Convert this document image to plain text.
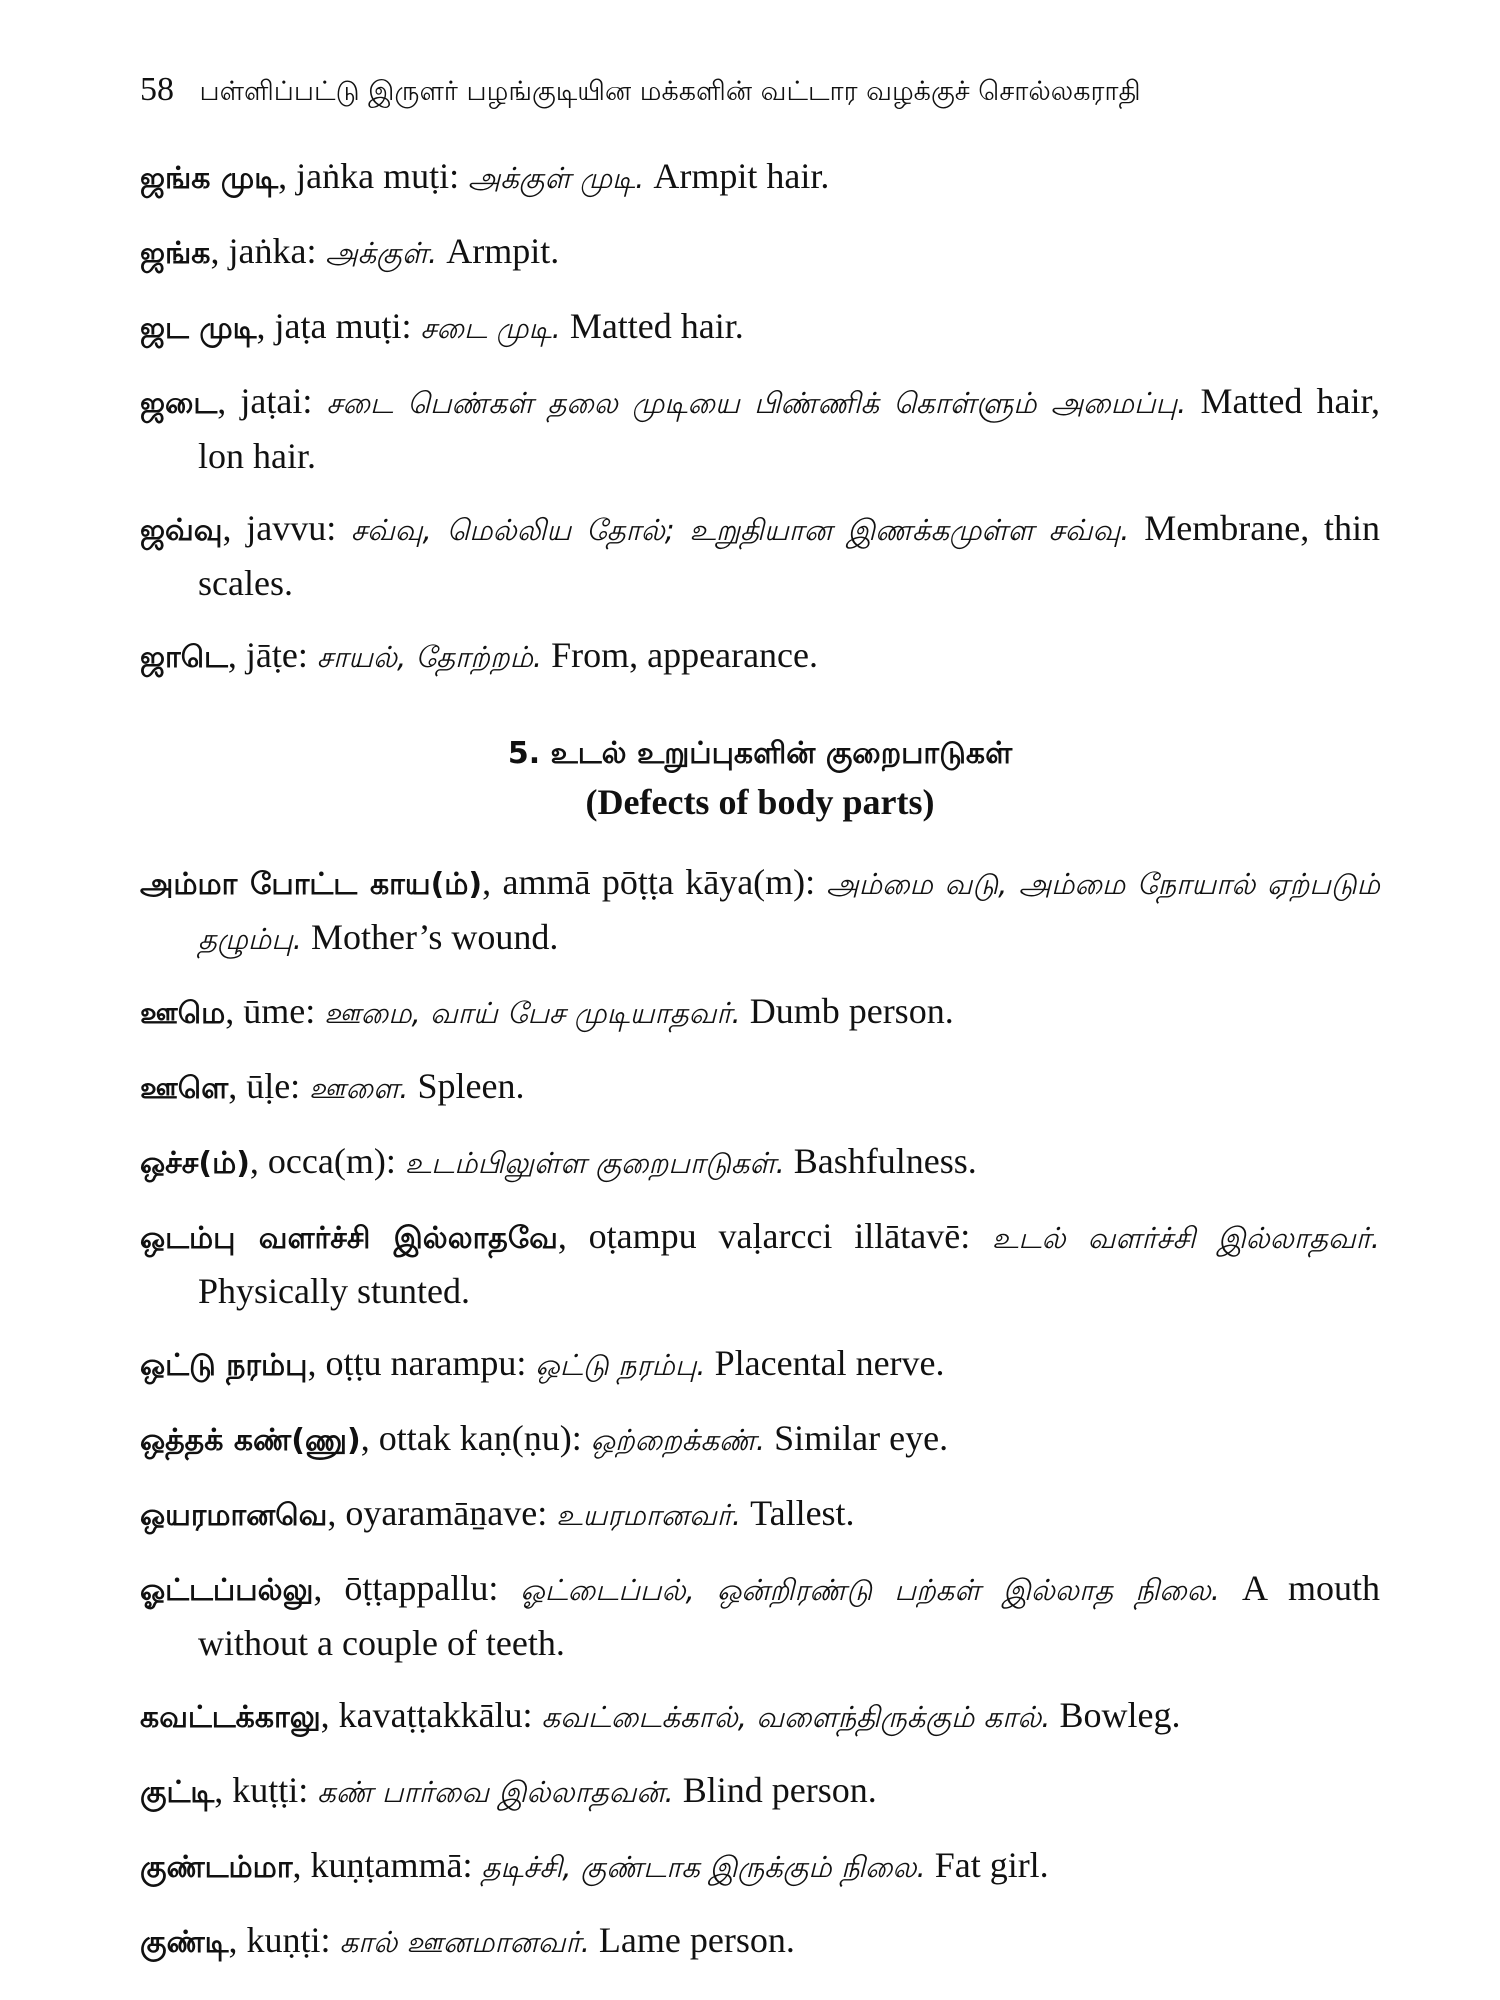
58 பள்ளிப்பட்டு இருளர் பழங்குடியின மக்களின் வட்டார வழக்குச் சொல்லகராதி

ஜங்க முடி, jaṅka muṭi: அக்குள் முடி. Armpit hair.

ஜங்க, jaṅka: அக்குள். Armpit.

ஜட முடி, jaṭa muṭi: சடை முடி. Matted hair.

ஜடை, jaṭai: சடை பெண்கள் தலை முடியை பிண்ணிக் கொள்ளும் அமைப்பு. Matted hair, lon hair.

ஜவ்வு, javvu: சவ்வு, மெல்லிய தோல்; உறுதியான இணக்கமுள்ள சவ்வு. Membrane, thin scales.

ஜாடெ, jāṭe: சாயல், தோற்றம். From, appearance.

5. உடல் உறுப்புகளின் குறைபாடுகள்
(Defects of body parts)

அம்மா போட்ட காய(ம்), ammā pōṭṭa kāya(m): அம்மை வடு, அம்மை நோயால் ஏற்படும் தழும்பு. Mother’s wound.

ஊமெ, ūme: ஊமை, வாய் பேச முடியாதவர். Dumb person.

ஊளெ, ūḷe: ஊளை. Spleen.

ஒச்ச(ம்), occa(m): உடம்பிலுள்ள குறைபாடுகள். Bashfulness.

ஒடம்பு வளர்ச்சி இல்லாதவே, oṭampu vaḷarcci illātavē: உடல் வளர்ச்சி இல்லாதவர். Physically stunted.

ஒட்டு நரம்பு, oṭṭu narampu: ஒட்டு நரம்பு. Placental nerve.

ஒத்தக் கண்(ணு), ottak kaṇ(ṇu): ஒற்றைக்கண். Similar eye.

ஒயரமானவெ, oyaramāṉave: உயரமானவர். Tallest.

ஓட்டப்பல்லு, ōṭṭappallu: ஓட்டைப்பல், ஒன்றிரண்டு பற்கள் இல்லாத நிலை. A mouth without a couple of teeth.

கவட்டக்காலு, kavaṭṭakkālu: கவட்டைக்கால், வளைந்திருக்கும் கால். Bowleg.

குட்டி, kuṭṭi: கண் பார்வை இல்லாதவன். Blind person.

குண்டம்மா, kuṇṭammā: தடிச்சி, குண்டாக இருக்கும் நிலை. Fat girl.

குண்டி, kuṇṭi: கால் ஊனமானவர். Lame person.
